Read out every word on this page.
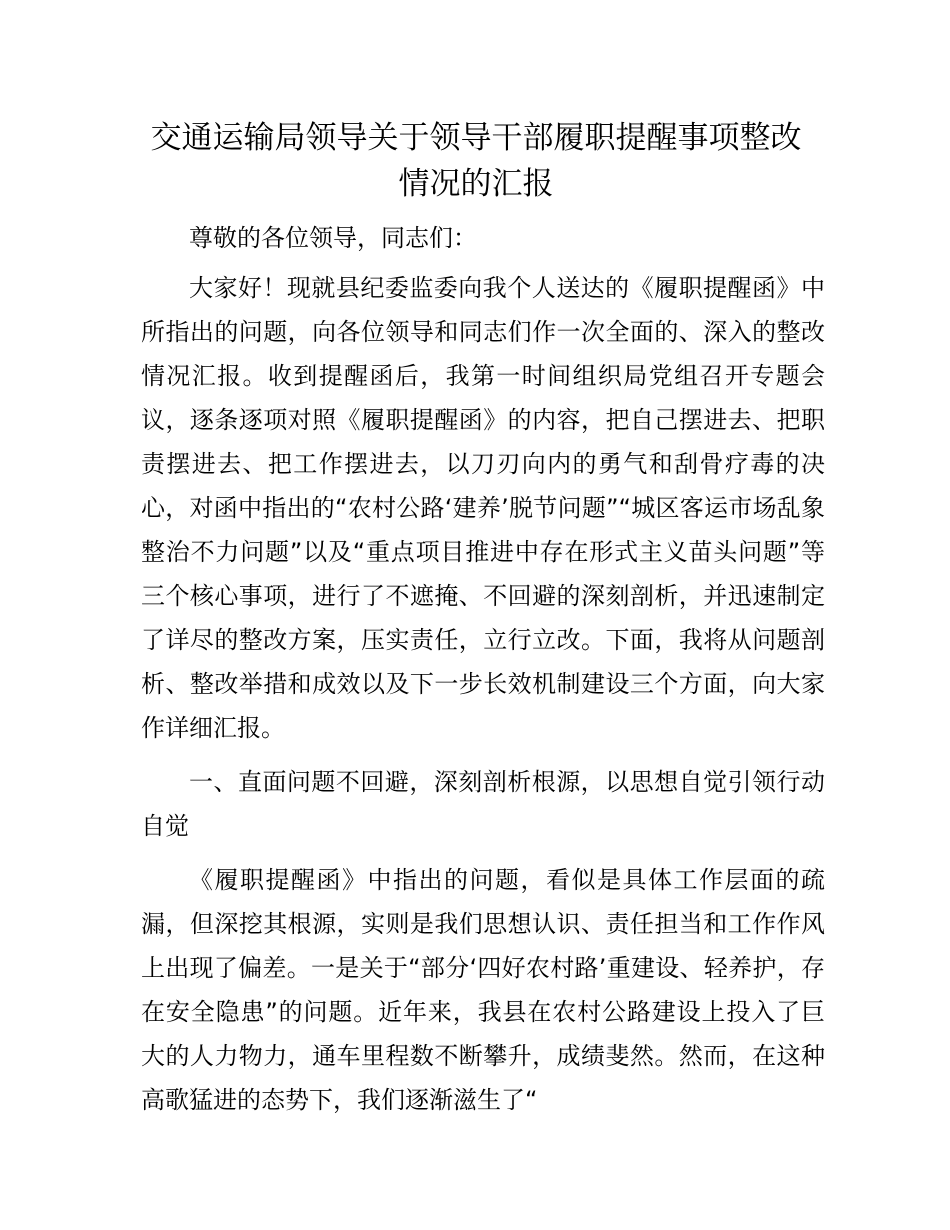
交通运输局领导关于领导干部履职提醒事项整改情况的汇报

尊敬的各位领导，同志们：

大家好！现就县纪委监委向我个人送达的《履职提醒函》中所指出的问题，向各位领导和同志们作一次全面的、深入的整改情况汇报。收到提醒函后，我第一时间组织局党组召开专题会议，逐条逐项对照《履职提醒函》的内容，把自己摆进去、把职责摆进去、把工作摆进去，以刀刃向内的勇气和刮骨疗毒的决心，对函中指出的“农村公路‘建养’脱节问题”“城区客运市场乱象整治不力问题”以及“重点项目推进中存在形式主义苗头问题”等三个核心事项，进行了不遮掩、不回避的深刻剖析，并迅速制定了详尽的整改方案，压实责任，立行立改。下面，我将从问题剖析、整改举措和成效以及下一步长效机制建设三个方面，向大家作详细汇报。

一、直面问题不回避，深刻剖析根源，以思想自觉引领行动自觉

《履职提醒函》中指出的问题，看似是具体工作层面的疏漏，但深挖其根源，实则是我们思想认识、责任担当和工作作风上出现了偏差。一是关于“部分‘四好农村路’重建设、轻养护，存在安全隐患”的问题。近年来，我县在农村公路建设上投入了巨大的人力物力，通车里程数不断攀升，成绩斐然。然而，在这种高歌猛进的态势下，我们逐渐滋生了“
